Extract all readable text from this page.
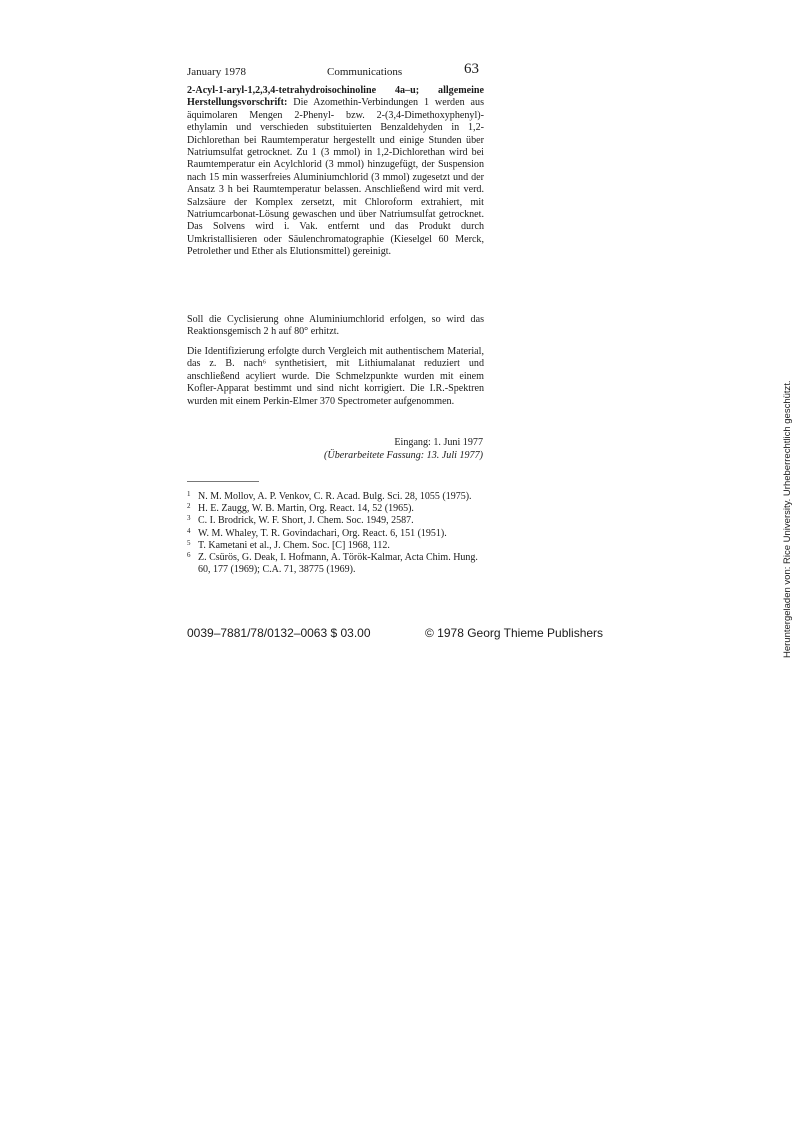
January 1978	Communications	63

2-Acyl-1-aryl-1,2,3,4-tetrahydroisochinoline 4a–u; allgemeine Herstellungsvorschrift: Die Azomethin-Verbindungen 1 werden aus äquimolaren Mengen 2-Phenyl- bzw. 2-(3,4-Dimethoxyphenyl)-ethylamin und verschieden substituierten Benzaldehyden in 1,2-Dichlorethan bei Raumtemperatur hergestellt und einige Stunden über Natriumsulfat getrocknet. Zu 1 (3 mmol) in 1,2-Dichlorethan wird bei Raumtemperatur ein Acylchlorid (3 mmol) hinzugefügt, der Suspension nach 15 min wasserfreies Aluminiumchlorid (3 mmol) zugesetzt und der Ansatz 3 h bei Raumtemperatur belassen. Anschließend wird mit verd. Salzsäure der Komplex zersetzt, mit Chloroform extrahiert, mit Natriumcarbonat-Lösung gewaschen und über Natriumsulfat getrocknet. Das Solvens wird i. Vak. entfernt und das Produkt durch Umkristallisieren oder Säulenchromatographie (Kieselgel 60 Merck, Petrolether und Ether als Elutionsmittel) gereinigt.

Soll die Cyclisierung ohne Aluminiumchlorid erfolgen, so wird das Reaktionsgemisch 2 h auf 80° erhitzt.

Die Identifizierung erfolgte durch Vergleich mit authentischem Material, das z. B. nach⁶ synthetisiert, mit Lithiumalanat reduziert und anschließend acyliert wurde. Die Schmelzpunkte wurden mit einem Kofler-Apparat bestimmt und sind nicht korrigiert. Die I.R.-Spektren wurden mit einem Perkin-Elmer 370 Spectrometer aufgenommen.

Eingang: 1. Juni 1977
(Überarbeitete Fassung: 13. Juli 1977)
1 N. M. Mollov, A. P. Venkov, C. R. Acad. Bulg. Sci. 28, 1055 (1975).
2 H. E. Zaugg, W. B. Martin, Org. React. 14, 52 (1965).
3 C. I. Brodrick, W. F. Short, J. Chem. Soc. 1949, 2587.
4 W. M. Whaley, T. R. Govindachari, Org. React. 6, 151 (1951).
5 T. Kametani et al., J. Chem. Soc. [C] 1968, 112.
6 Z. Csürös, G. Deak, I. Hofmann, A. Török-Kalmar, Acta Chim. Hung. 60, 177 (1969); C.A. 71, 38775 (1969).
0039–7881/78/0132–0063 $ 03.00	© 1978 Georg Thieme Publishers	Heruntergeladen von: Rice University. Urheberrechtlich geschützt.
